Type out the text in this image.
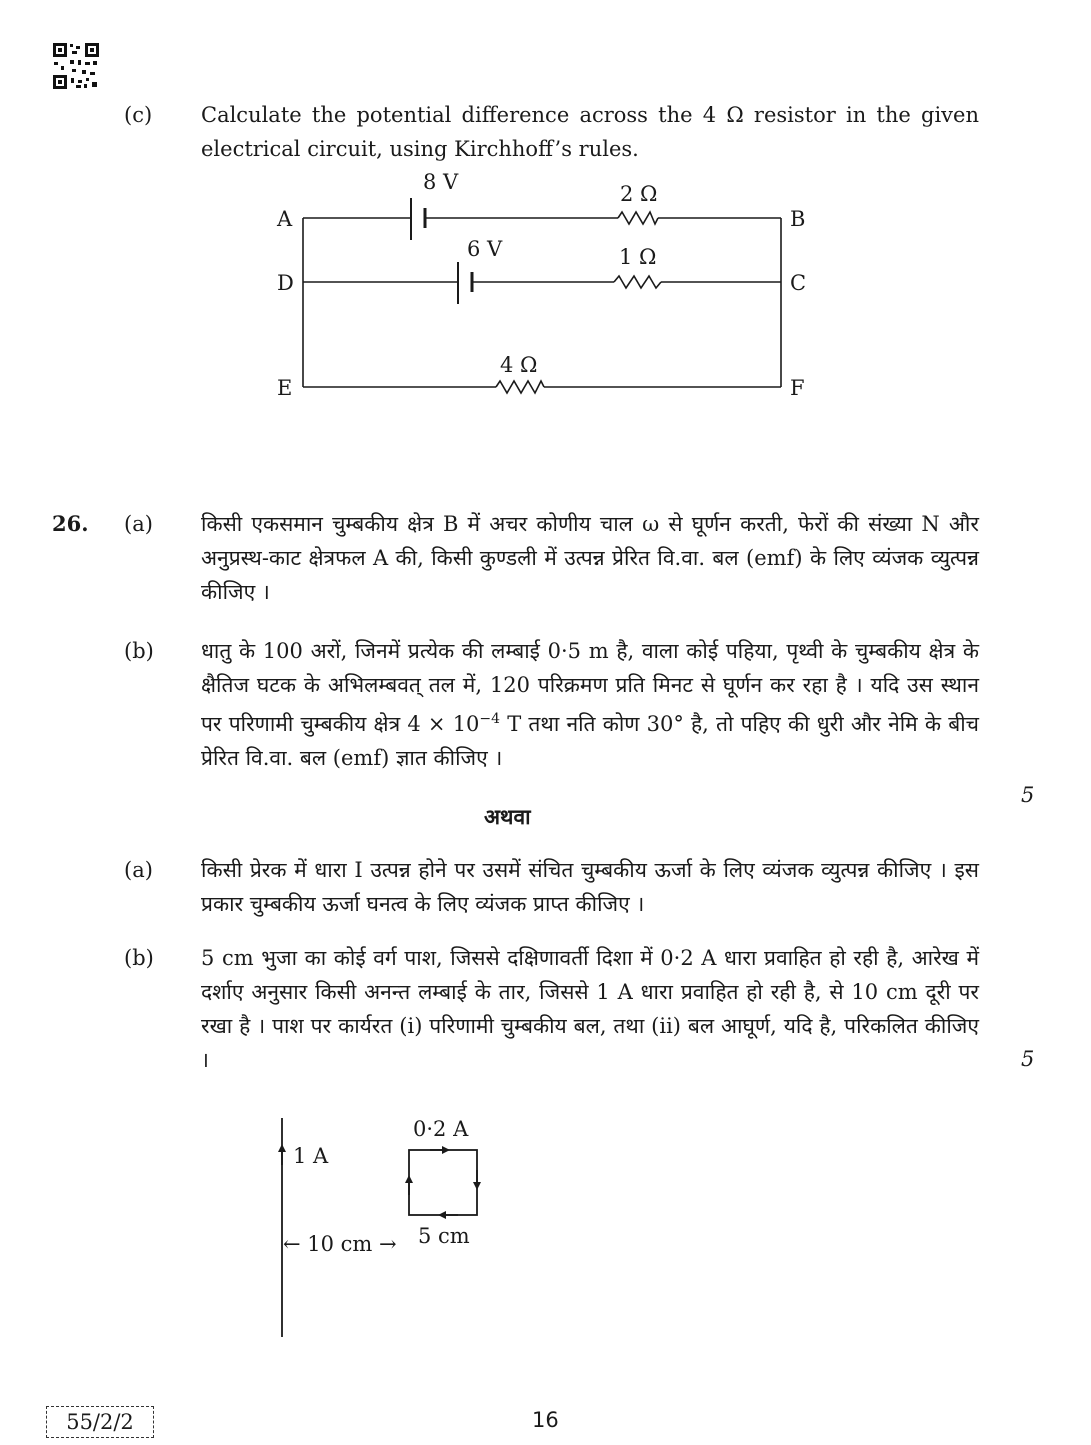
(c) Calculate the potential difference across the 4 Ω resistor in the given electrical circuit, using Kirchhoff’s rules.
A	B
D	C
E	F
8 V
6 V
2 Ω
1 Ω
4 Ω
26. (a) किसी एकसमान चुम्बकीय क्षेत्र B में अचर कोणीय चाल ω से घूर्णन करती, फेरों की संख्या N और अनुप्रस्थ-काट क्षेत्रफल A की, किसी कुण्डली में उत्पन्न प्रेरित वि.वा. बल (emf) के लिए व्यंजक व्युत्पन्न कीजिए ।
(b) धातु के 100 अरों, जिनमें प्रत्येक की लम्बाई 0·5 m है, वाला कोई पहिया, पृथ्वी के चुम्बकीय क्षेत्र के क्षैतिज घटक के अभिलम्बवत् तल में, 120 परिक्रमण प्रति मिनट से घूर्णन कर रहा है । यदि उस स्थान पर परिणामी चुम्बकीय क्षेत्र $4 \times 10^{-4}$ T तथा नति कोण 30° है, तो पहिए की धुरी और नेमि के बीच प्रेरित वि.वा. बल (emf) ज्ञात कीजिए ।
5
अथवा
(a) किसी प्रेरक में धारा I उत्पन्न होने पर उसमें संचित चुम्बकीय ऊर्जा के लिए व्यंजक व्युत्पन्न कीजिए । इस प्रकार चुम्बकीय ऊर्जा घनत्व के लिए व्यंजक प्राप्त कीजिए ।
(b) 5 cm भुजा का कोई वर्ग पाश, जिससे दक्षिणावर्ती दिशा में 0·2 A धारा प्रवाहित हो रही है, आरेख में दर्शाए अनुसार किसी अनन्त लम्बाई के तार, जिससे 1 A धारा प्रवाहित हो रही है, से 10 cm दूरी पर रखा है । पाश पर कार्यरत (i) परिणामी चुम्बकीय बल, तथा (ii) बल आघूर्ण, यदि है, परिकलित कीजिए ।	5
1 A
0·2 A
← 10 cm → 5 cm
55/2/2	16
